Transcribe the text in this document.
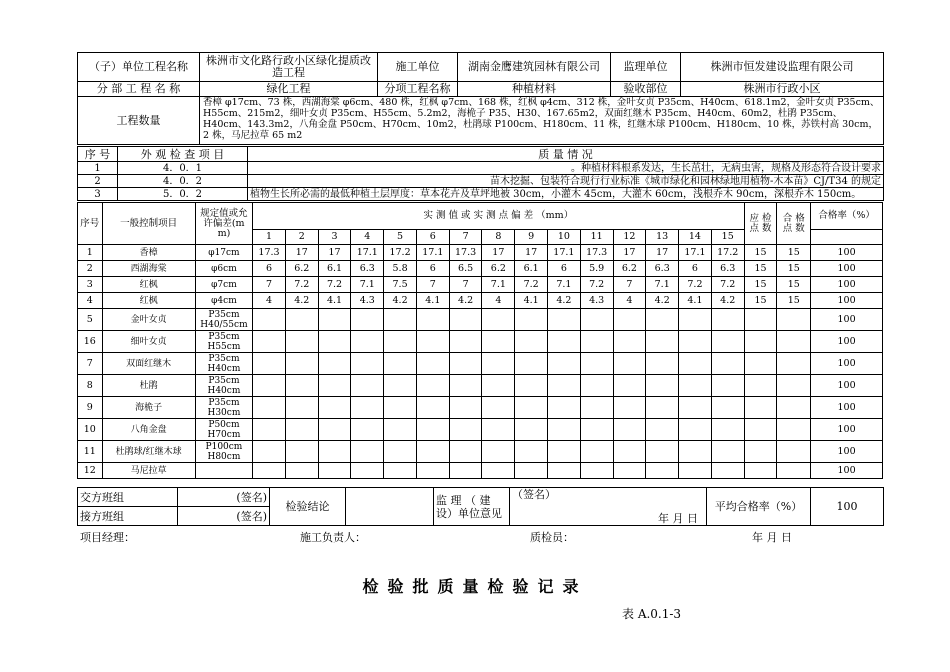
（子）单位工程名称	株洲市文化路行政小区绿化提质改造工程	施工单位	湖南金鹰建筑园林有限公司	监理单位	株洲市恒发建设监理有限公司
分 部 工 程 名 称	绿化工程	分项工程名称	种植材料	验收部位	株洲市行政小区
工程数量	香樟 φ17cm、73 株，西湖海棠 φ6cm、480 株，红枫 φ7cm、168 株，红枫 φ4cm、312 株，金叶女贞 P35cm、H40cm、618.1m2，金叶女贞 P35cm、H55cm、215m2，细叶女贞 P35cm、H55cm、5.2m2，海桅子 P35、H30、167.65m2，双面红继木 P35cm、H40cm、60m2，杜鹃 P35cm、H40cm、143.3m2，八角金盘 P50cm、H70cm、10m2，杜鹃球 P100cm、H180cm、11 株，红继木球 P100cm、H180cm、10 株，苏铁村高 30cm，2 株，马尼拉草 65 m2				
序 号	外 观 检 查 项 目	质 量 情 况
1	4．0．1	。种植材料根系发达，生长茁壮，无病虫害，规格及形态符合设计要求
2	4．0．2	苗木挖掘、包装符合现行行业标准《城市绿化和园林绿地用植物-木本苗》CJ/T34 的规定
3	5．0．2	植物生长所必需的最低种植土层厚度：草本花卉及草坪地被 30cm，小灌木 45cm，大灌木 60cm，浅根乔木 90cm，深根乔木 150cm。
序号	一般控制项目	规定值或允许偏差(m m)	实 测 值 或 实 测 点 偏 差 （mm）															应 检 点 数	合 格 点 数	合格率（%）
			1	2	3	4	5	6	7	8	9	10	11	12	13	14	15			
1	香樟	φ17cm	17.3	17	17	17.1	17.2	17.1	17.3	17	17	17.1	17.3	17	17	17.1	17.2	15	15	100
2	西湖海棠	φ6cm	6	6.2	6.1	6.3	5.8	6	6.5	6.2	6.1	6	5.9	6.2	6.3	6	6.3	15	15	100
3	红枫	φ7cm	7	7.2	7.2	7.1	7.5	7	7	7.1	7.2	7.1	7.2	7	7.1	7.2	7.2	15	15	100
4	红枫	φ4cm	4	4.2	4.1	4.3	4.2	4.1	4.2	4	4.1	4.2	4.3	4	4.2	4.1	4.2	15	15	100
5	金叶女贞	P35cm
H40/55cm																		100
16	细叶女贞	P35cm
H55cm																		100
7	双面红继木	P35cm
H40cm																		100
8	杜鹃	P35cm
H40cm																		100
9	海桅子	P35cm
H30cm																		100
10	八角金盘	P50cm
H70cm																		100
11	杜鹃球/红继木球	P100cm
H80cm																		100
12	马尼拉草																			100
交方班组	(签名)	检验结论		监 理 （ 建 设）单位意见	（签名）
年 月 日	平均合格率（%）	100
接方班组	(签名)						
项目经理：	施工负责人：	质检员：	年 月 日
检验批质量检验记录
表 A.0.1-3
